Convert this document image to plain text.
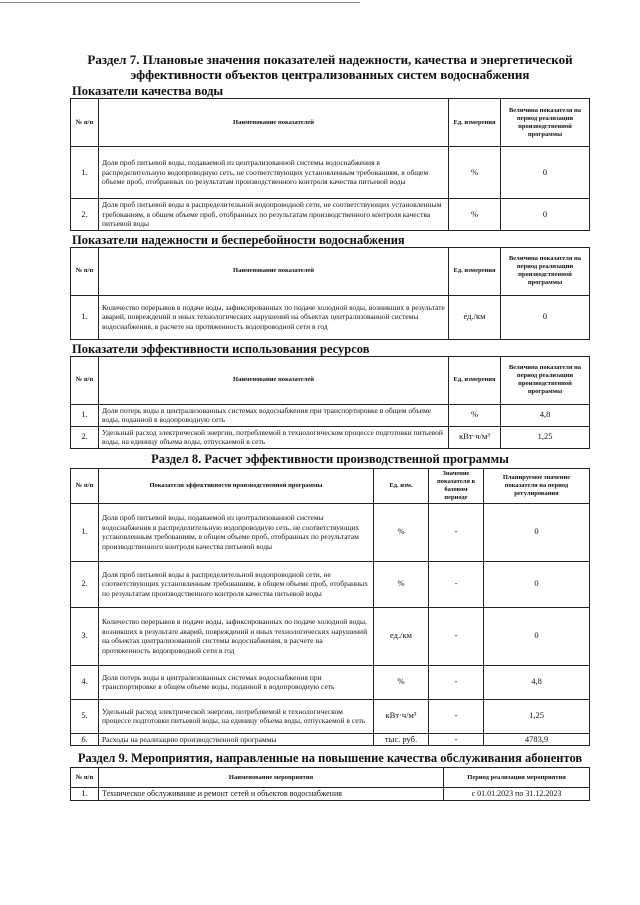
Раздел 7. Плановые значения показателей надежности, качества и энергетической эффективности объектов централизованных систем водоснабжения
Показатели качества воды
№ п/п	Наименование показателей	Ед. измерения	Величина показателя на период реализации производственной программы
1.	Доля проб питьевой воды, подаваемой из централизованной системы водоснабжения в распределительную водопроводную сеть, не соответствующих установленным требованиям, в общем объеме проб, отобранных по результатам производственного контроля качества питьевой воды	%	0
2.	Доля проб питьевой воды в распределительной водопроводной сети, не соответствующих установленным требованиям, в общем объеме проб, отобранных по результатам производственного контроля качества питьевой воды	%	0
Показатели надежности и бесперебойности водоснабжения
№ п/п	Наименование показателей	Ед. измерения	Величина показателя на период реализации производственной программы
1.	Количество перерывов в подаче воды, зафиксированных по подаче холодной воды, возникших в результате аварий, повреждений и иных технологических нарушений на объектах централизованной системы водоснабжения, в расчете на протяженность водопроводной сети в год	ед./км	0
Показатели эффективности использования ресурсов
№ п/п	Наименование показателей	Ед. измерения	Величина показателя на период реализации производственной программы
1.	Доля потерь воды в централизованных системах водоснабжения при транспортировке в общем объеме воды, поданной в водопроводную сеть	%	4,8
2.	Удельный расход электрической энергии, потребляемой в технологическом процессе подготовки питьевой воды, на единицу объема воды, отпускаемой в сеть	кВт·ч/м³	1,25
Раздел 8. Расчет эффективности производственной программы
№ п/п	Показатели эффективности производственной программы	Ед. изм.	Значение показателя в базовом периоде	Планируемое значение показателя на период регулирования
1.	Доля проб питьевой воды, подаваемой из централизованной системы водоснабжения в распределительную водопроводную сеть, не соответствующих установленным требованиям, в общем объеме проб, отобранных по результатам производственного контроля качества питьевой воды	%	-	0
2.	Доля проб питьевой воды в распределительной водопроводной сети, не соответствующих установленным требованиям, в общем объеме проб, отобранных по результатам производственного контроля качества питьевой воды	%	-	0
3.	Количество перерывов в подаче воды, зафиксированных по подаче холодной воды, возникших в результате аварий, повреждений и иных технологических нарушений на объектах централизованной системы водоснабжения, в расчете на протяженность водопроводной сети в год	ед./км	-	0
4.	Доля потерь воды в централизованных системах водоснабжения при транспортировке в общем объеме воды, поданной в водопроводную сеть	%	-	4,8
5.	Удельный расход электрической энергии, потребляемой в технологическом процессе подготовки питьевой воды, на единицу объема воды, отпускаемой в сеть	кВт·ч/м³	-	1,25
6.	Расходы на реализацию производственной программы	тыс. руб.	-	4783,9
Раздел 9. Мероприятия, направленные на повышение качества обслуживания абонентов
№ п/п	Наименование мероприятия	Период реализации мероприятия
1.	Техническое обслуживание и ремонт сетей и объектов водоснабжения	с 01.01.2023 по 31.12.2023
